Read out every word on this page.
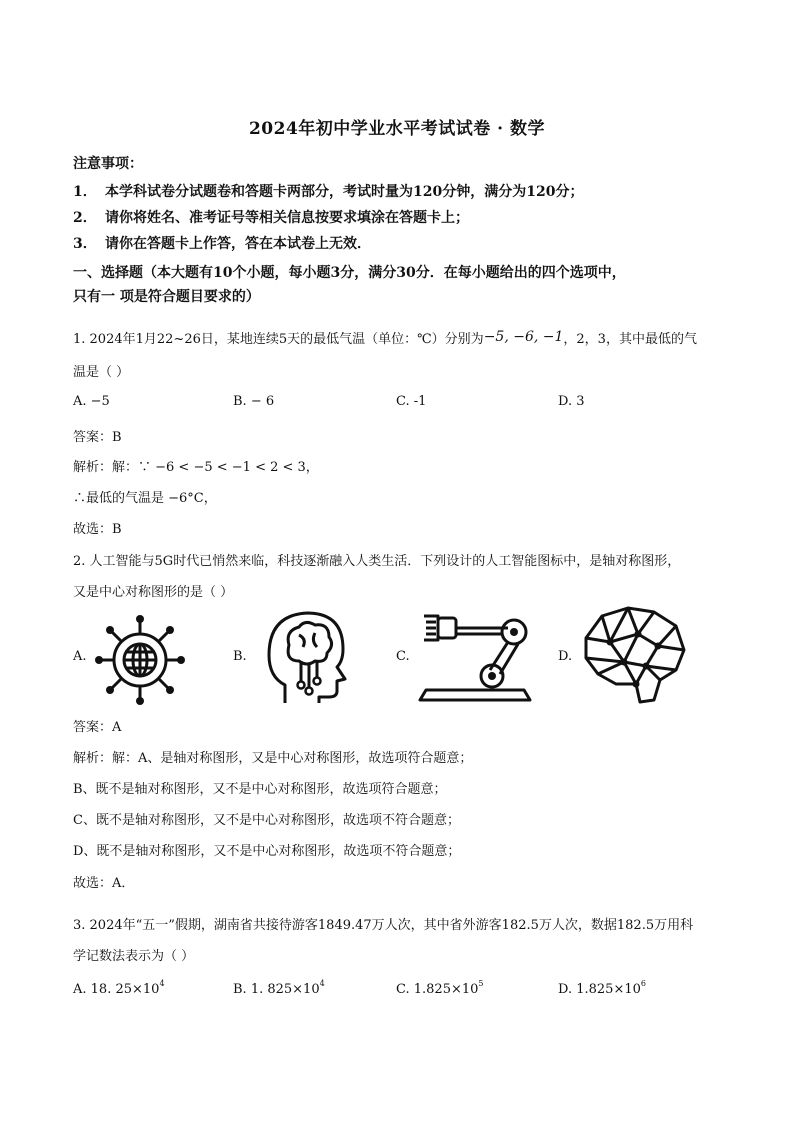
2024年初中学业水平考试试卷 · 数学
注意事项：
1． 本学科试卷分试题卷和答题卡两部分，考试时量为120分钟，满分为120分；
2． 请你将姓名、准考证号等相关信息按要求填涂在答题卡上；
3． 请你在答题卡上作答，答在本试卷上无效．
一、选择题（本大题有10个小题，每小题3分，满分30分．在每小题给出的四个选项中，
只有一 项是符合题目要求的）
1. 2024年1月22~26日，某地连续5天的最低气温（单位：℃）分别为−5, −6, −1，2，3，其中最低的气
温是（ ）
A. −5	B. − 6	C. -1	D. 3
答案：B
解析：解：∵ −6 < −5 < −1 < 2 < 3，
∴最低的气温是 −6°C，
故选：B
2. 人工智能与5G时代已悄然来临，科技逐渐融入人类生活．下列设计的人工智能图标中，是轴对称图形，
又是中心对称图形的是（ ）
A.	B.	C.	D.
答案：A
解析：解：A、是轴对称图形，又是中心对称图形，故选项符合题意；
B、既不是轴对称图形，又不是中心对称图形，故选项符合题意；
C、既不是轴对称图形，又不是中心对称图形，故选项不符合题意；
D、既不是轴对称图形，又不是中心对称图形，故选项不符合题意；
故选：A．
3. 2024年“五一”假期，湖南省共接待游客1849.47万人次，其中省外游客182.5万人次，数据182.5万用科
学记数法表示为（ ）
A. 18. $25\times 10^4$	B. 1. $825\times 10^4$	C. $1.825\times 10^5$	D. $1.825\times 10^6$
